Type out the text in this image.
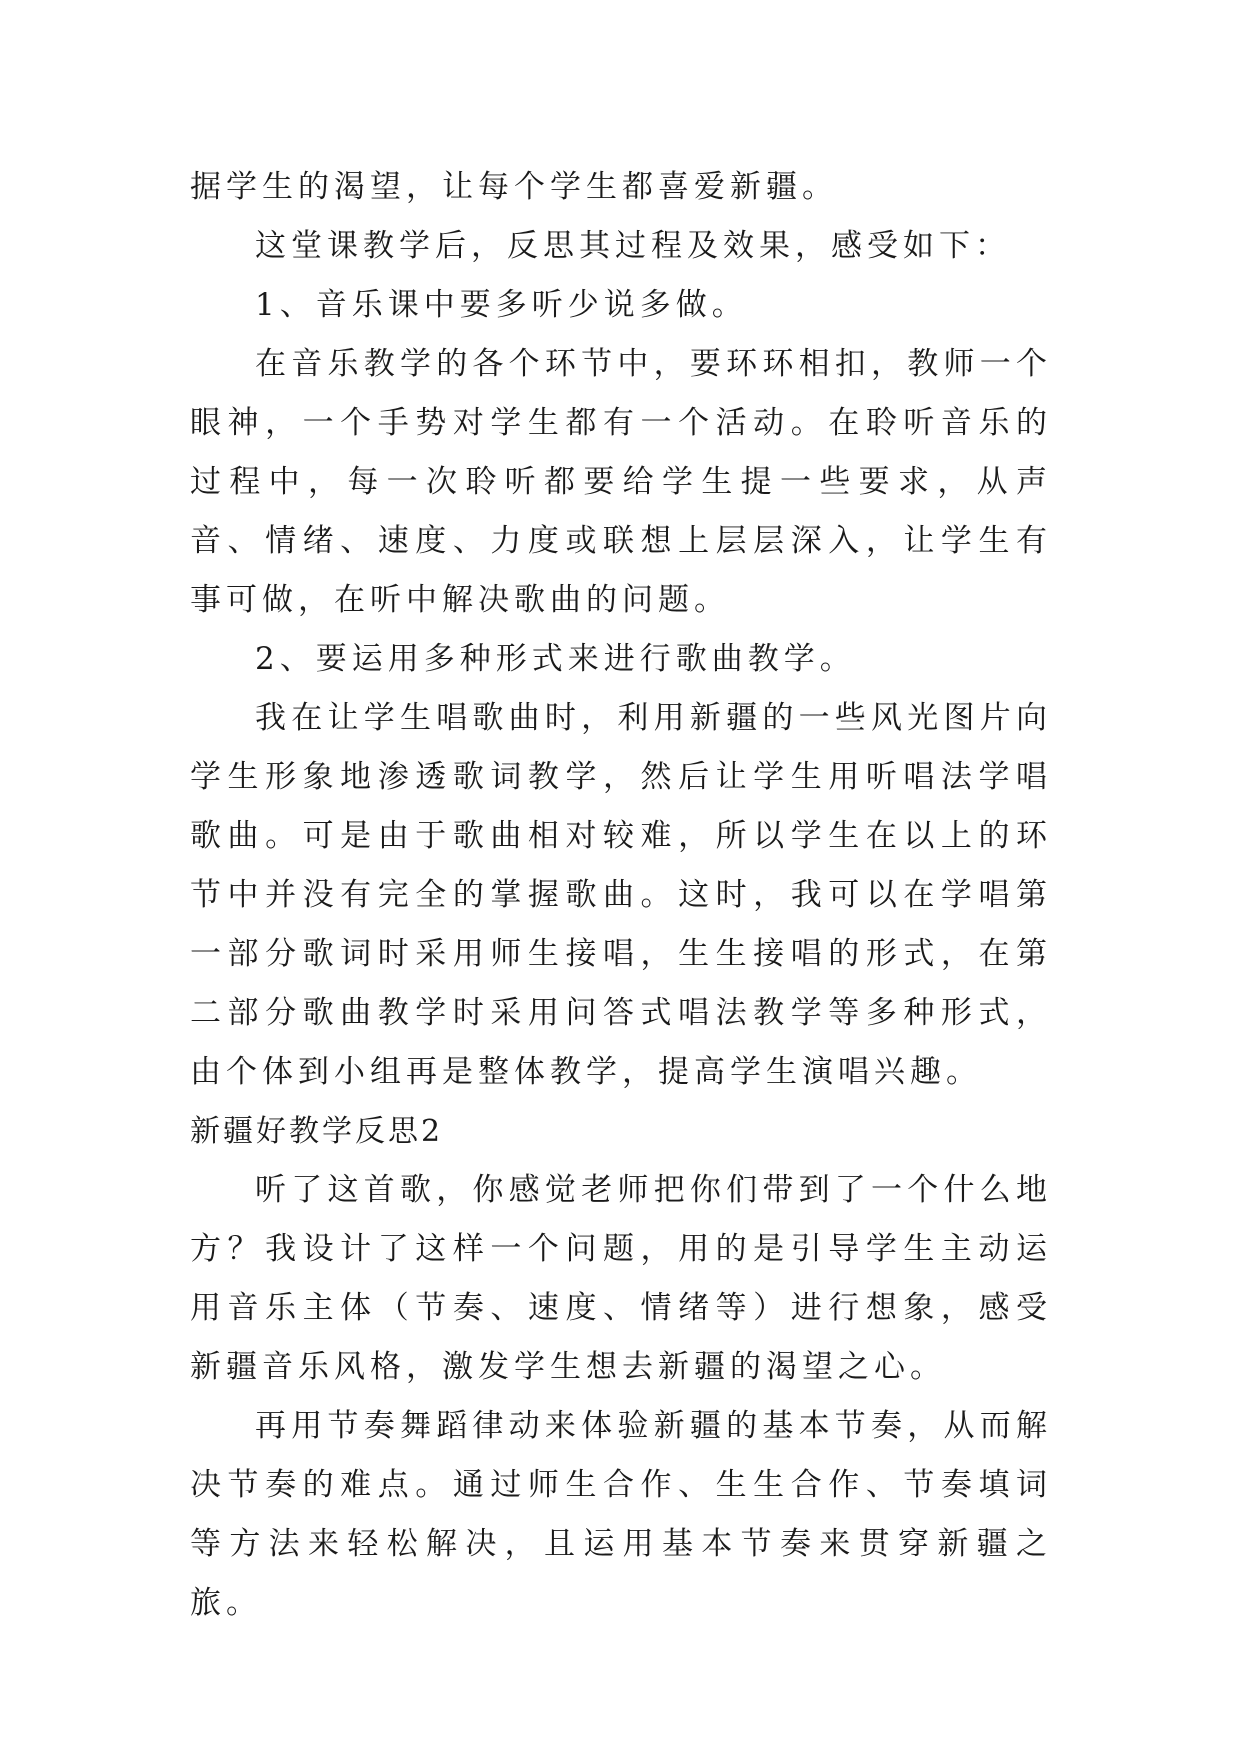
据学生的渴望，让每个学生都喜爱新疆。

这堂课教学后，反思其过程及效果，感受如下：

1、音乐课中要多听少说多做。

在音乐教学的各个环节中，要环环相扣，教师一个眼神，一个手势对学生都有一个活动。在聆听音乐的过程中，每一次聆听都要给学生提一些要求，从声音、情绪、速度、力度或联想上层层深入，让学生有事可做，在听中解决歌曲的问题。

2、要运用多种形式来进行歌曲教学。

我在让学生唱歌曲时，利用新疆的一些风光图片向学生形象地渗透歌词教学，然后让学生用听唱法学唱歌曲。可是由于歌曲相对较难，所以学生在以上的环节中并没有完全的掌握歌曲。这时，我可以在学唱第一部分歌词时采用师生接唱，生生接唱的形式，在第二部分歌曲教学时采用问答式唱法教学等多种形式，由个体到小组再是整体教学，提高学生演唱兴趣。

新疆好教学反思2

听了这首歌，你感觉老师把你们带到了一个什么地方？我设计了这样一个问题，用的是引导学生主动运用音乐主体（节奏、速度、情绪等）进行想象，感受新疆音乐风格，激发学生想去新疆的渴望之心。

再用节奏舞蹈律动来体验新疆的基本节奏，从而解决节奏的难点。通过师生合作、生生合作、节奏填词等方法来轻松解决，且运用基本节奏来贯穿新疆之旅。
